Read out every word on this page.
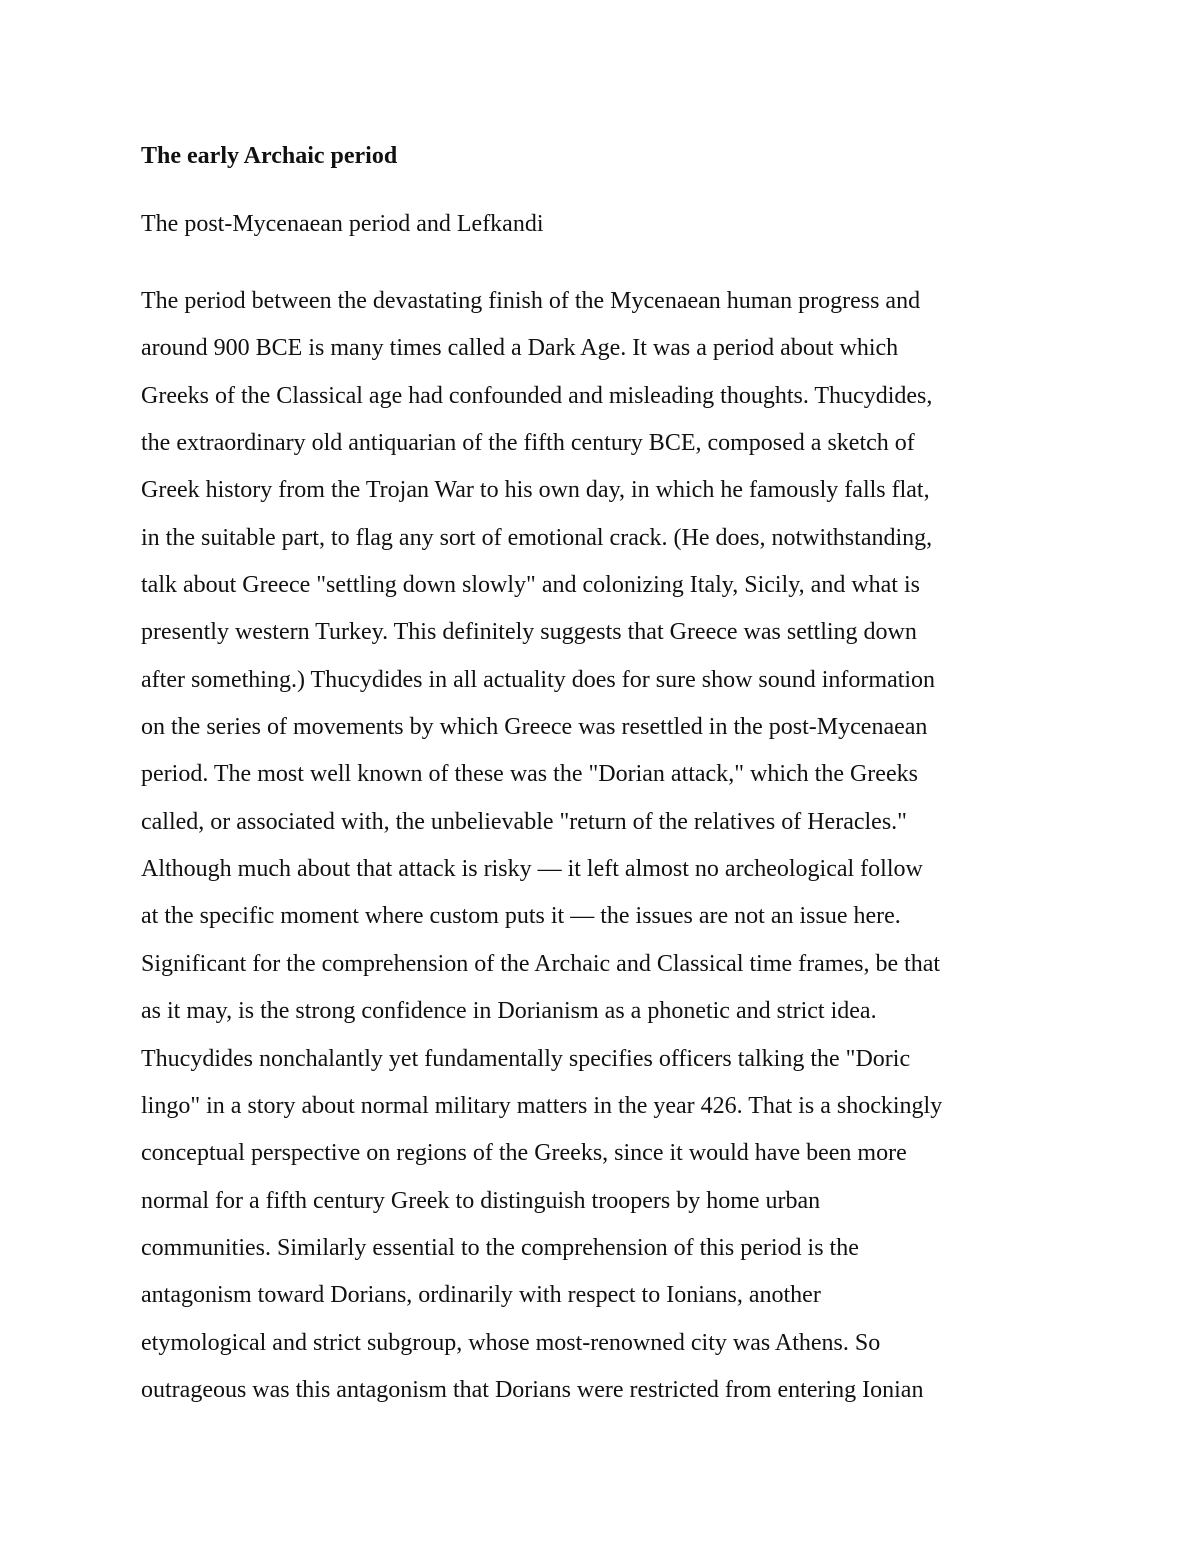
The early Archaic period
The post-Mycenaean period and Lefkandi
The period between the devastating finish of the Mycenaean human progress and
around 900 BCE is many times called a Dark Age. It was a period about which
Greeks of the Classical age had confounded and misleading thoughts. Thucydides,
the extraordinary old antiquarian of the fifth century BCE, composed a sketch of
Greek history from the Trojan War to his own day, in which he famously falls flat,
in the suitable part, to flag any sort of emotional crack. (He does, notwithstanding,
talk about Greece "settling down slowly" and colonizing Italy, Sicily, and what is
presently western Turkey. This definitely suggests that Greece was settling down
after something.) Thucydides in all actuality does for sure show sound information
on the series of movements by which Greece was resettled in the post-Mycenaean
period. The most well known of these was the "Dorian attack," which the Greeks
called, or associated with, the unbelievable "return of the relatives of Heracles."
Although much about that attack is risky — it left almost no archeological follow
at the specific moment where custom puts it — the issues are not an issue here.
Significant for the comprehension of the Archaic and Classical time frames, be that
as it may, is the strong confidence in Dorianism as a phonetic and strict idea.
Thucydides nonchalantly yet fundamentally specifies officers talking the "Doric
lingo" in a story about normal military matters in the year 426. That is a shockingly
conceptual perspective on regions of the Greeks, since it would have been more
normal for a fifth century Greek to distinguish troopers by home urban
communities. Similarly essential to the comprehension of this period is the
antagonism toward Dorians, ordinarily with respect to Ionians, another
etymological and strict subgroup, whose most-renowned city was Athens. So
outrageous was this antagonism that Dorians were restricted from entering Ionian
